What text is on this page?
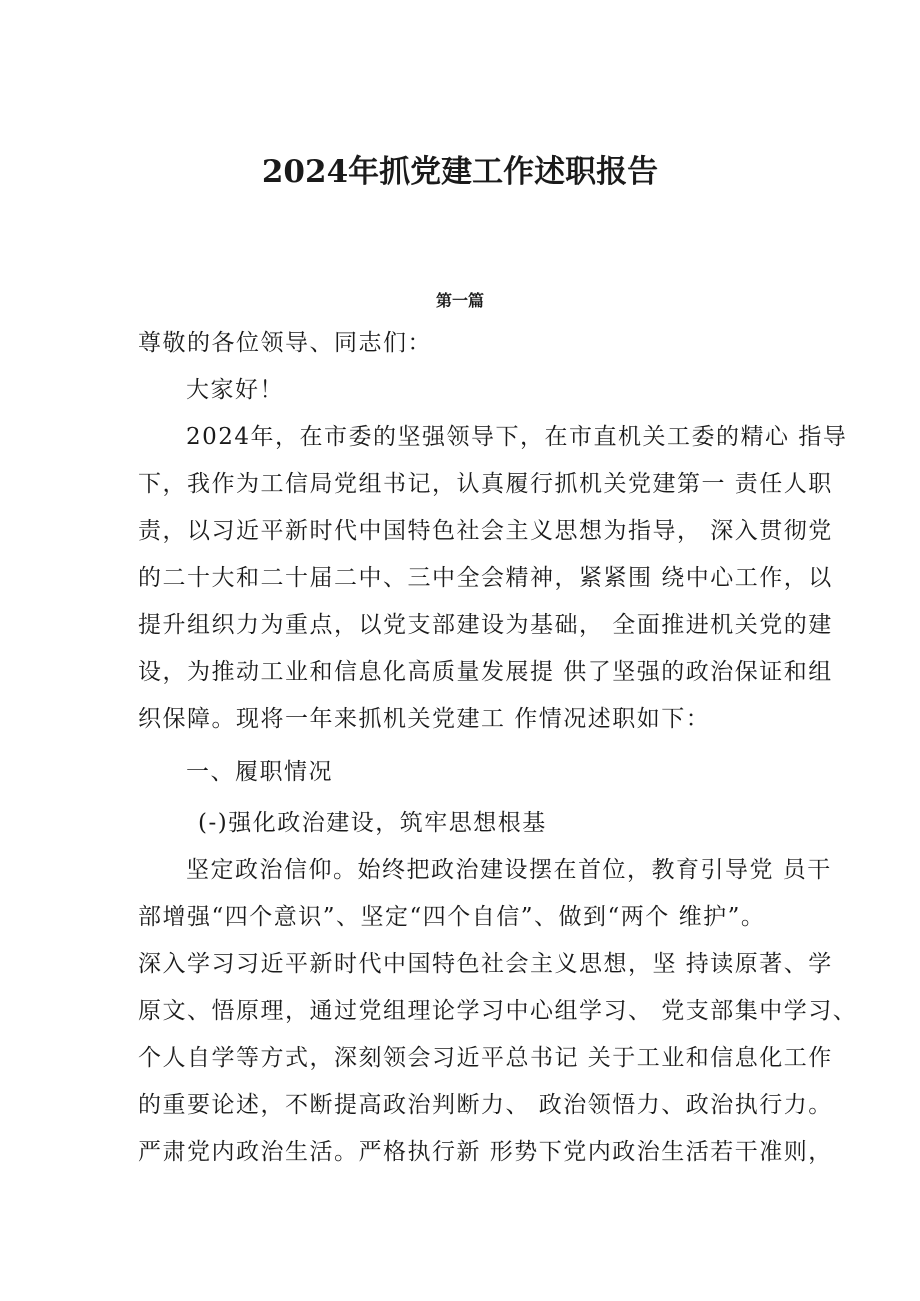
2024年抓党建工作述职报告
第一篇
尊敬的各位领导、同志们：
大家好！
2024年，在市委的坚强领导下，在市直机关工委的精心 指导
下，我作为工信局党组书记，认真履行抓机关党建第一 责任人职
责，以习近平新时代中国特色社会主义思想为指导， 深入贯彻党
的二十大和二十届二中、三中全会精神，紧紧围 绕中心工作，以
提升组织力为重点，以党支部建设为基础， 全面推进机关党的建
设，为推动工业和信息化高质量发展提 供了坚强的政治保证和组
织保障。现将一年来抓机关党建工 作情况述职如下：
一、履职情况
(-)强化政治建设，筑牢思想根基
坚定政治信仰。始终把政治建设摆在首位，教育引导党 员干
部增强“四个意识”、坚定“四个自信”、做到“两个 维护”。
深入学习习近平新时代中国特色社会主义思想，坚 持读原著、学
原文、悟原理，通过党组理论学习中心组学习、 党支部集中学习、
个人自学等方式，深刻领会习近平总书记 关于工业和信息化工作
的重要论述，不断提高政治判断力、 政治领悟力、政治执行力。
严肃党内政治生活。严格执行新 形势下党内政治生活若干准则，
